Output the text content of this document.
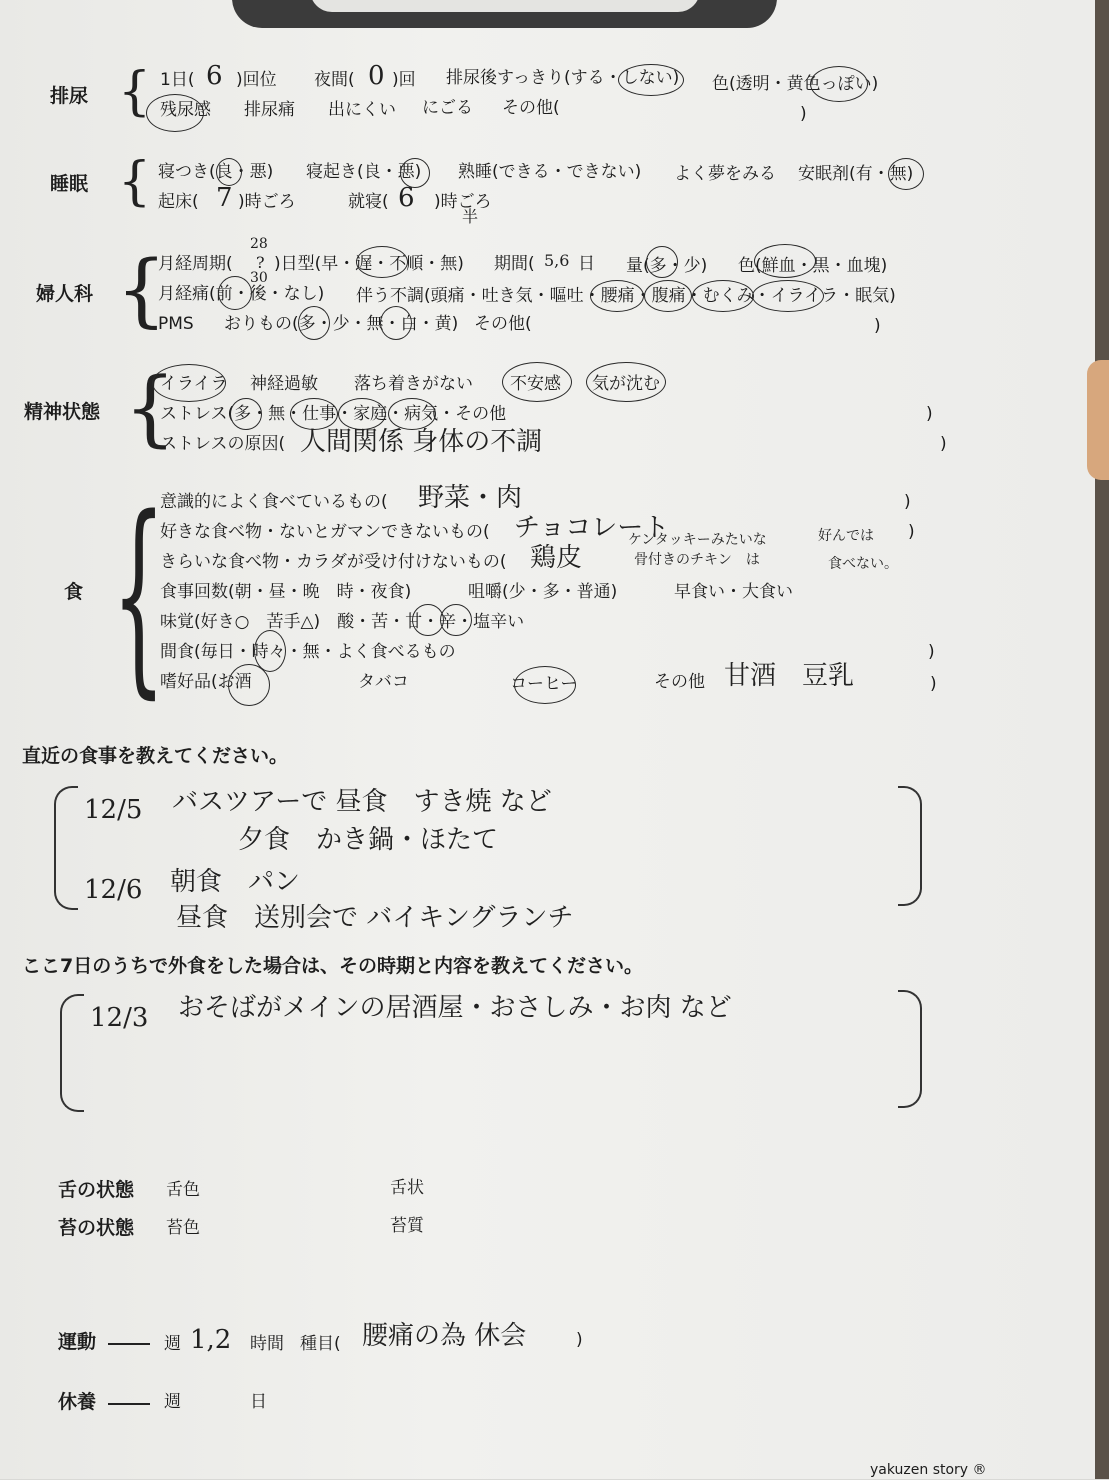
排尿 { 1日( 6 )回位 夜間( 0 )回 排尿後すっきり(する・しない) 色(透明・黄色っぽい)
残尿感 排尿痛 出にくい にごる その他(	)
睡眠 { 寝つき(良・悪) 寝起き(良・悪) 熟睡(できる・できない) よく夢をみる 安眠剤(有・無)
起床( 7 )時ごろ	就寝( 6 )時ごろ
半
婦人科 {
月経周期(
28
?
30
)日型(早・遅・不順・無) 期間( 5,6 日 量(多・少) 色(鮮血・黒・血塊)
月経痛(前・後・なし) 伴う不調(頭痛・吐き気・嘔吐・腰痛・腹痛・むくみ・イライラ・眠気)
PMS おりもの(多・少・無・白・黄) その他(	)
精神状態 {
イライラ 神経過敏 落ち着きがない 不安感 気が沈む
ストレス(多・無・仕事・家庭・病気・その他	)
ストレスの原因( 人間関係 身体の不調	)
食 {
意識的によく食べているもの( 野菜・肉	)
好きな食べ物・ないとガマンできないもの( チョコレート	)
きらいな食べ物・カラダが受け付けないもの( 鶏皮
ケンタッキーみたいな
骨付きのチキン　は
好んでは
食べない。
食事回数(朝・昼・晩　時・夜食)	咀嚼(少・多・普通)	早食い・大食い
味覚(好き○　苦手△)　酸・苦・甘・辛・塩辛い
間食(毎日・時々・無・よく食べるもの	)
嗜好品(お酒	タバコ	コーヒー	その他 甘酒　豆乳	)
直近の食事を教えてください。
12/5 バスツアーで 昼食　すき焼 など
夕食　かき鍋・ほたて
12/6 朝食　パン
昼食　送別会で バイキングランチ
ここ7日のうちで外食をした場合は、その時期と内容を教えてください。
12/3 おそばがメインの居酒屋・おさしみ・お肉 など
舌の状態 舌色	舌状
苔の状態 苔色	苔質
運動	週 1,2 時間 種目( 腰痛の為 休会	)
休養	週	日
yakuzen story ®
